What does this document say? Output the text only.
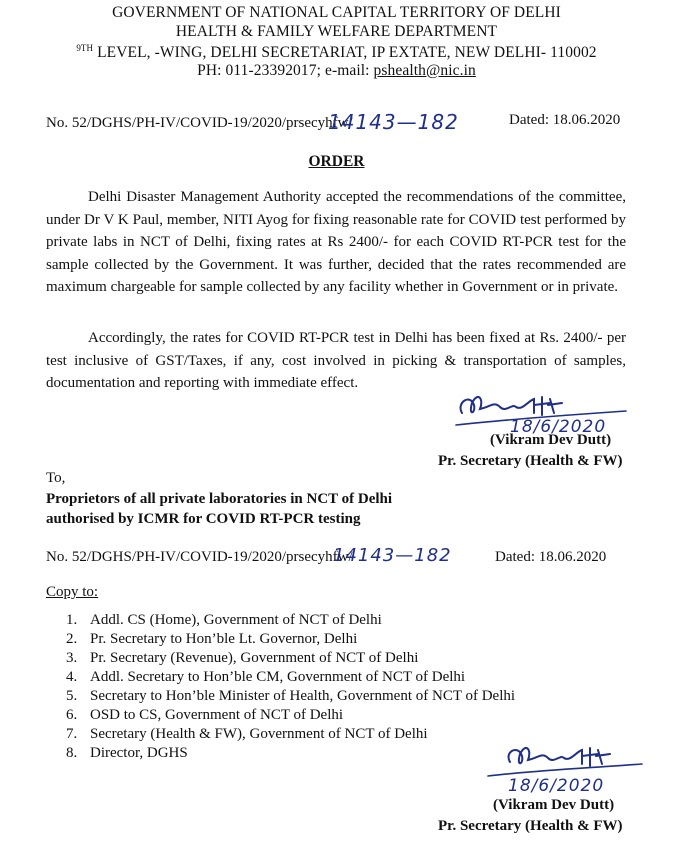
GOVERNMENT OF NATIONAL CAPITAL TERRITORY OF DELHI
HEALTH & FAMILY WELFARE DEPARTMENT
$^{9TH}$ LEVEL, -WING, DELHI SECRETARIAT, IP EXTATE, NEW DELHI- 110002
PH: 011-23392017; e-mail: pshealth@nic.in
No. 52/DGHS/PH-IV/COVID-19/2020/prsecyhfw/
14143—182	Dated: 18.06.2020
ORDER
Delhi Disaster Management Authority accepted the recommendations of the committee, under Dr V K Paul, member, NITI Ayog for fixing reasonable rate for COVID test performed by private labs in NCT of Delhi, fixing rates at Rs 2400/- for each COVID RT-PCR test for the sample collected by the Government. It was further, decided that the rates recommended are maximum chargeable for sample collected by any facility whether in Government or in private.
Accordingly, the rates for COVID RT-PCR test in Delhi has been fixed at Rs. 2400/- per test inclusive of GST/Taxes, if any, cost involved in picking & transportation of samples, documentation and reporting with immediate effect.
18/6/2020
(Vikram Dev Dutt)
Pr. Secretary (Health & FW)
To,
Proprietors of all private laboratories in NCT of Delhi
authorised by ICMR for COVID RT-PCR testing
No. 52/DGHS/PH-IV/COVID-19/2020/prsecyhfw/
14143—182	Dated: 18.06.2020
Copy to:
1. Addl. CS (Home), Government of NCT of Delhi
2. Pr. Secretary to Hon’ble Lt. Governor, Delhi
3. Pr. Secretary (Revenue), Government of NCT of Delhi
4. Addl. Secretary to Hon’ble CM, Government of NCT of Delhi
5. Secretary to Hon’ble Minister of Health, Government of NCT of Delhi
6. OSD to CS, Government of NCT of Delhi
7. Secretary (Health & FW), Government of NCT of Delhi
8. Director, DGHS
18/6/2020
(Vikram Dev Dutt)
Pr. Secretary (Health & FW)
